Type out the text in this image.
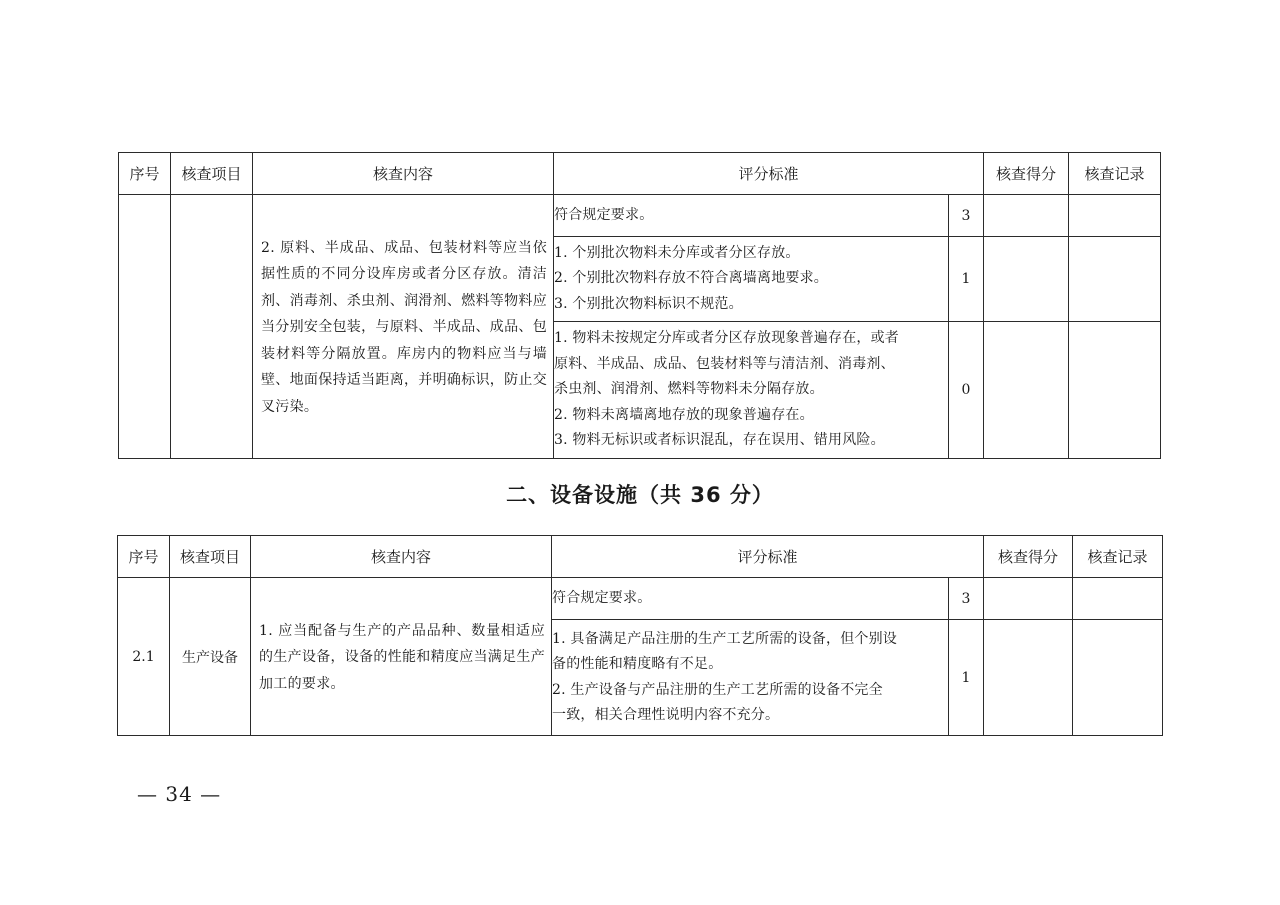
序号	核查项目	核查内容	评分标准		核查得分	核查记录

		2. 原料、半成品、成品、包装材料等应当依据性质的不同分设库房或者分区存放。清洁剂、消毒剂、杀虫剂、润滑剂、燃料等物料应当分别安全包装，与原料、半成品、成品、包装材料等分隔放置。库房内的物料应当与墙壁、地面保持适当距离，并明确标识，防止交叉污染。	符合规定要求。	3		

			1. 个别批次物料未分库或者分区存放。
2. 个别批次物料存放不符合离墙离地要求。
3. 个别批次物料标识不规范。	1		

			1. 物料未按规定分库或者分区存放现象普遍存在，或者
原料、半成品、成品、包装材料等与清洁剂、消毒剂、
杀虫剂、润滑剂、燃料等物料未分隔存放。
2. 物料未离墙离地存放的现象普遍存在。
3. 物料无标识或者标识混乱，存在误用、错用风险。	0		
二、设备设施（共 36 分）
序号	核查项目	核查内容	评分标准		核查得分	核查记录
2.1	生产设备	1. 应当配备与生产的产品品种、数量相适应的生产设备，设备的性能和精度应当满足生产加工的要求。	符合规定要求。	3		

			1. 具备满足产品注册的生产工艺所需的设备，但个别设
备的性能和精度略有不足。
2. 生产设备与产品注册的生产工艺所需的设备不完全
一致，相关合理性说明内容不充分。	1		
— 34 —
